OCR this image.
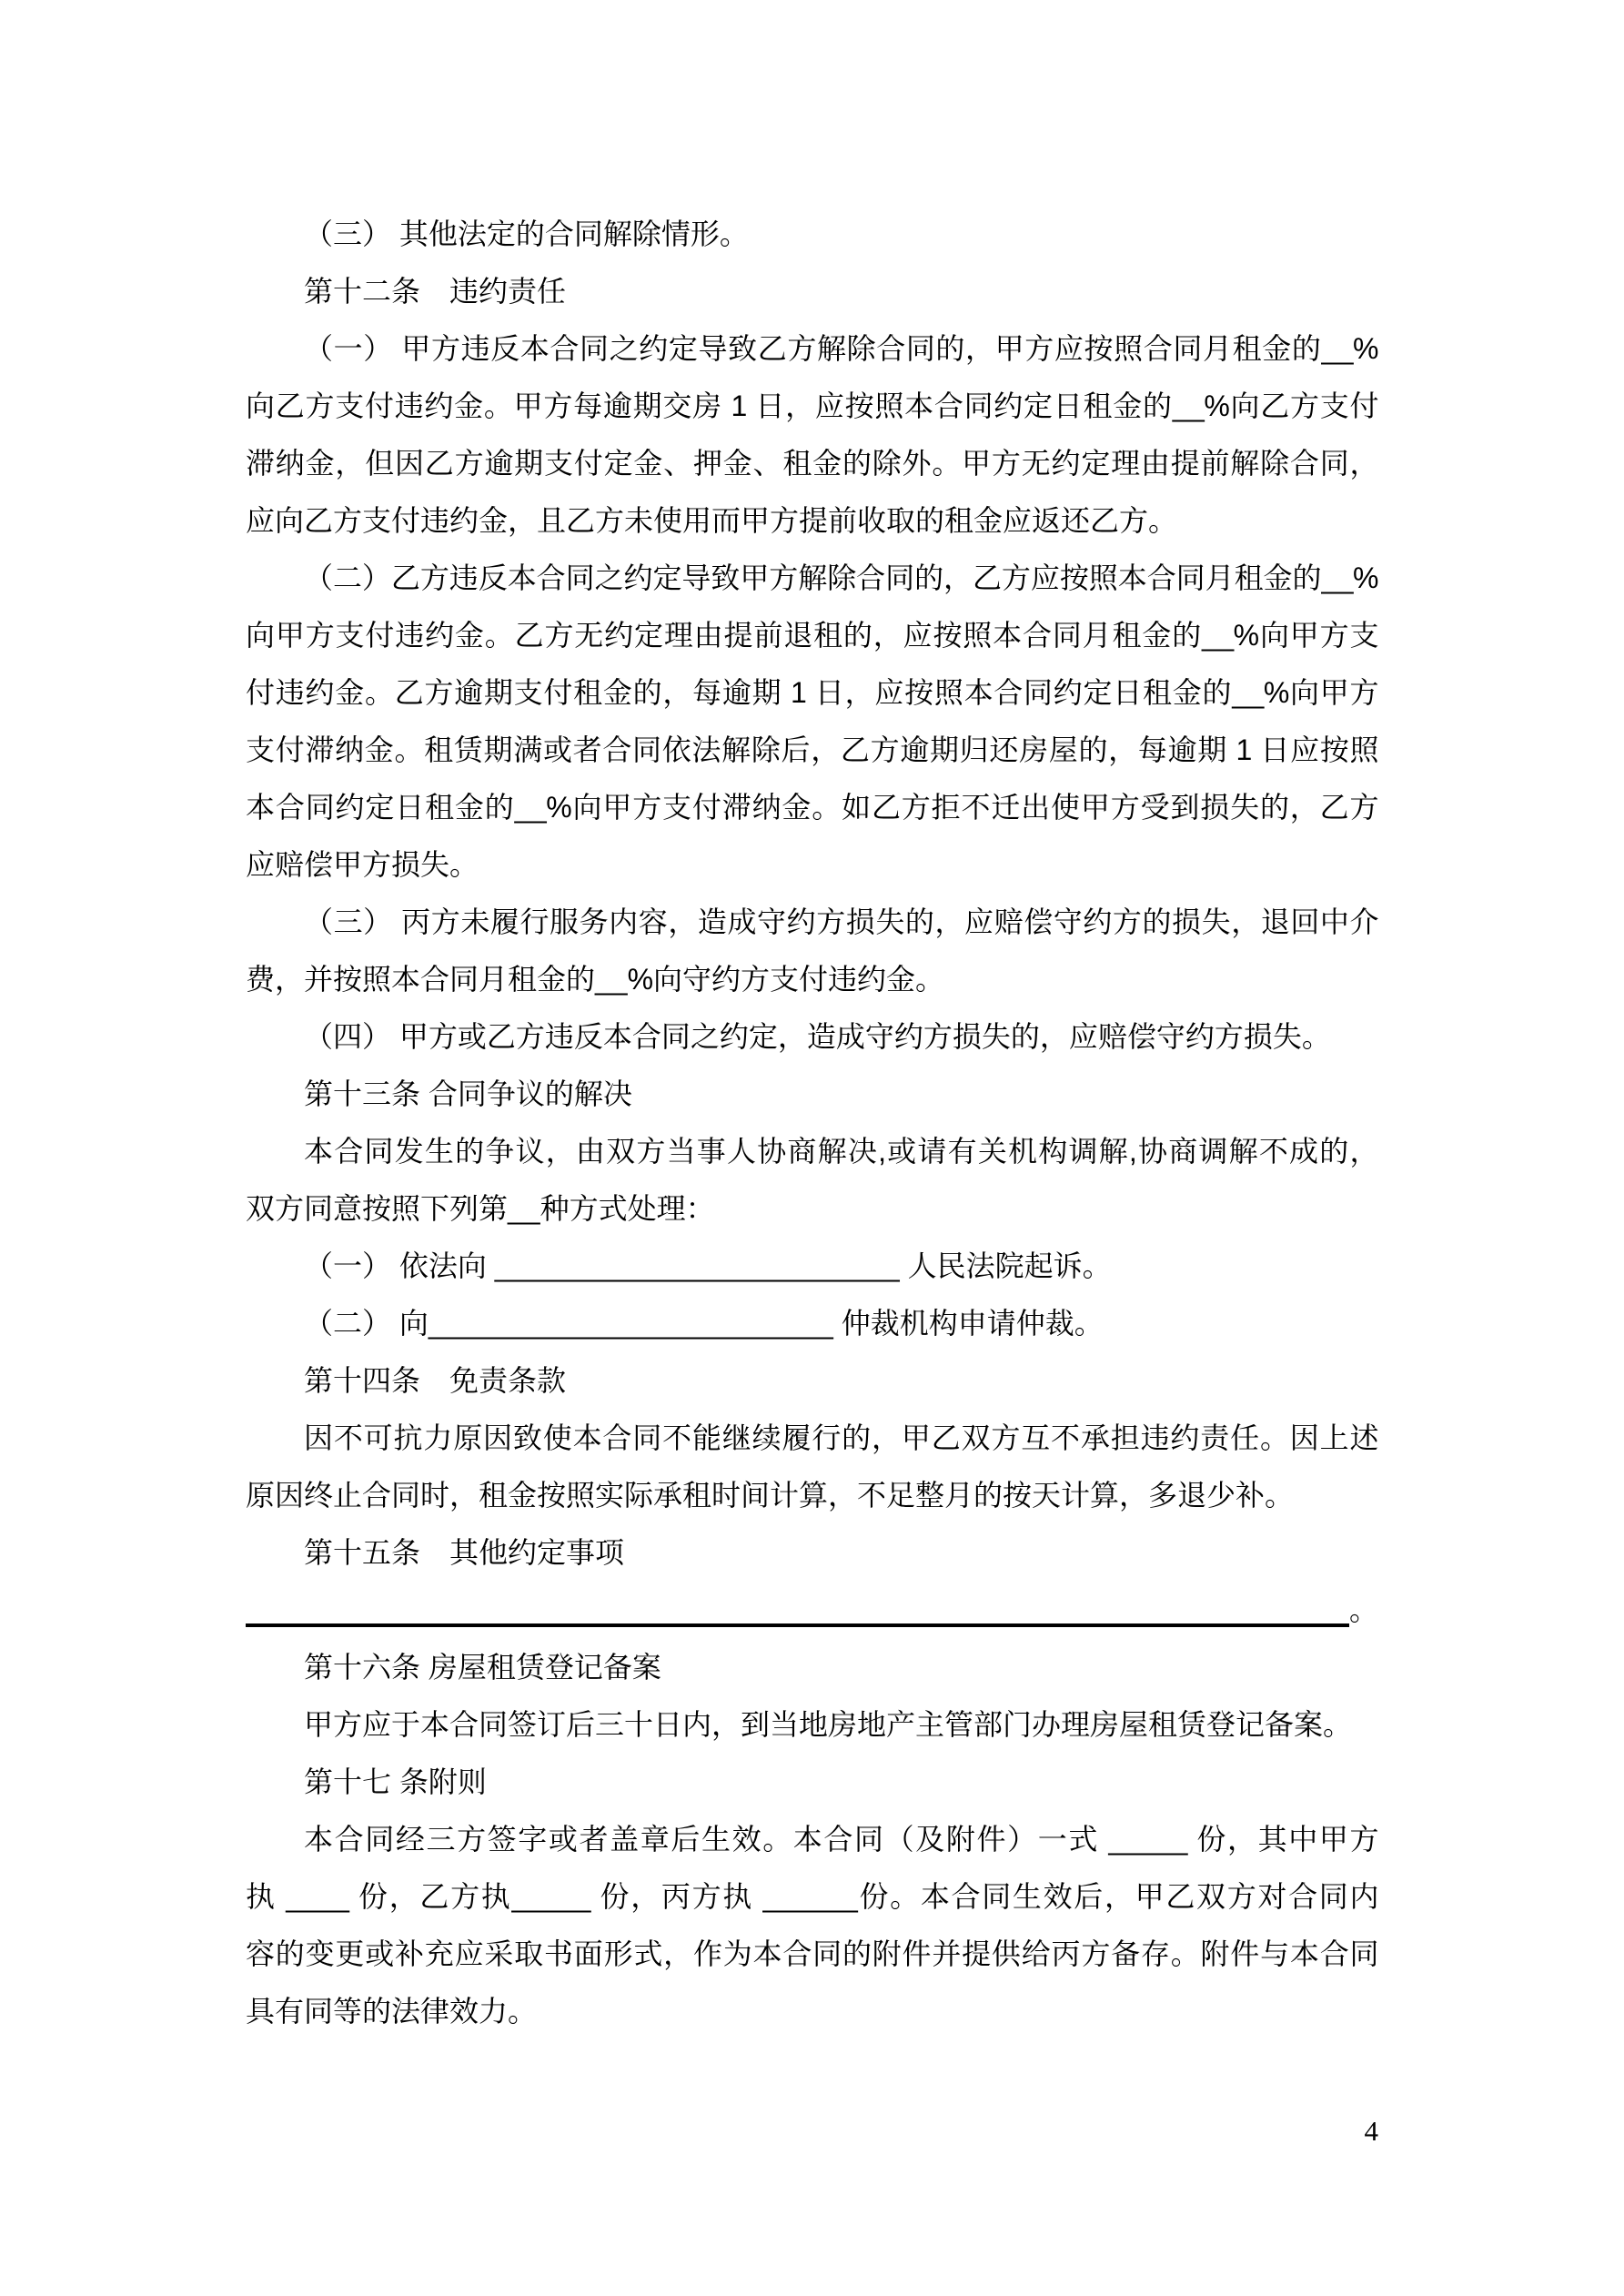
（三） 其他法定的合同解除情形。
第十二条　违约责任
（一） 甲方违反本合同之约定导致乙方解除合同的，甲方应按照合同月租金的__%
向乙方支付违约金。甲方每逾期交房 1 日，应按照本合同约定日租金的__%向乙方支付
滞纳金，但因乙方逾期支付定金、押金、租金的除外。甲方无约定理由提前解除合同，
应向乙方支付违约金，且乙方未使用而甲方提前收取的租金应返还乙方。
（二）乙方违反本合同之约定导致甲方解除合同的，乙方应按照本合同月租金的__%
向甲方支付违约金。乙方无约定理由提前退租的，应按照本合同月租金的__%向甲方支
付违约金。乙方逾期支付租金的，每逾期 1 日，应按照本合同约定日租金的__%向甲方
支付滞纳金。租赁期满或者合同依法解除后，乙方逾期归还房屋的，每逾期 1 日应按照
本合同约定日租金的__%向甲方支付滞纳金。如乙方拒不迁出使甲方受到损失的，乙方
应赔偿甲方损失。
（三） 丙方未履行服务内容，造成守约方损失的，应赔偿守约方的损失，退回中介
费，并按照本合同月租金的__%向守约方支付违约金。
（四） 甲方或乙方违反本合同之约定，造成守约方损失的，应赔偿守约方损失。
第十三条 合同争议的解决
本合同发生的争议，由双方当事人协商解决,或请有关机构调解,协商调解不成的，
双方同意按照下列第__种方式处理：
（一） 依法向 _________________________ 人民法院起诉。
（二） 向_________________________ 仲裁机构申请仲裁。
第十四条　免责条款
因不可抗力原因致使本合同不能继续履行的，甲乙双方互不承担违约责任。因上述
原因终止合同时，租金按照实际承租时间计算，不足整月的按天计算，多退少补。
第十五条　其他约定事项
。
第十六条 房屋租赁登记备案
甲方应于本合同签订后三十日内，到当地房地产主管部门办理房屋租赁登记备案。
第十七 条附则
本合同经三方签字或者盖章后生效。本合同（及附件）一式 _____ 份，其中甲方
执 ____ 份，乙方执_____ 份，丙方执 ______份。本合同生效后，甲乙双方对合同内
容的变更或补充应采取书面形式，作为本合同的附件并提供给丙方备存。附件与本合同
具有同等的法律效力。
4
